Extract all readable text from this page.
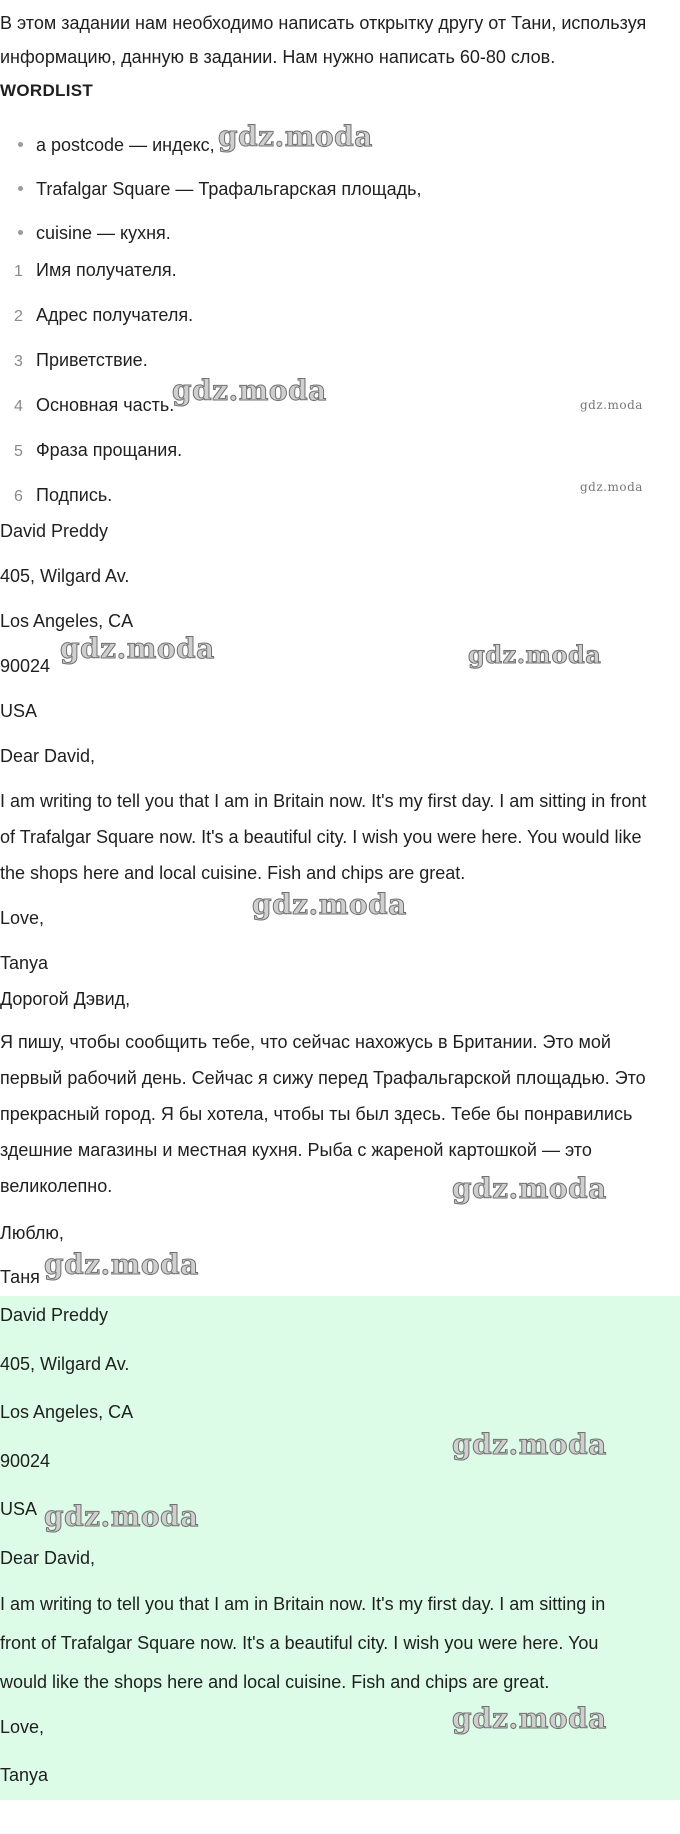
В этом задании нам необходимо написать открытку другу от Тани, используя
информацию, данную в задании. Нам нужно написать 60-80 слов.
WORDLIST
a postcode — индекс,
Trafalgar Square — Трафальгарская площадь,
cuisine — кухня.
1 Имя получателя.
2 Адрес получателя.
3 Приветствие.
4 Основная часть.
5 Фраза прощания.
6 Подпись.
David Preddy
405, Wilgard Av.
Los Angeles, CA
90024
USA
Dear David,
I am writing to tell you that I am in Britain now. It's my first day. I am sitting in front
of Trafalgar Square now. It's a beautiful city. I wish you were here. You would like
the shops here and local cuisine. Fish and chips are great.
Love,
Tanya
Дорогой Дэвид,
Я пишу, чтобы сообщить тебе, что сейчас нахожусь в Британии. Это мой
первый рабочий день. Сейчас я сижу перед Трафальгарской площадью. Это
прекрасный город. Я бы хотела, чтобы ты был здесь. Тебе бы понравились
здешние магазины и местная кухня. Рыба с жареной картошкой — это
великолепно.
Люблю,
Таня
David Preddy
405, Wilgard Av.
Los Angeles, CA
90024
USA
Dear David,
I am writing to tell you that I am in Britain now. It's my first day. I am sitting in
front of Trafalgar Square now. It's a beautiful city. I wish you were here. You
would like the shops here and local cuisine. Fish and chips are great.
Love,
Tanya
gdz.moda
gdz.moda	gdz.moda
gdz.moda
gdz.moda	gdz.moda
gdz.moda
gdz.moda
gdz.moda
gdz.moda
gdz.moda
gdz.moda
